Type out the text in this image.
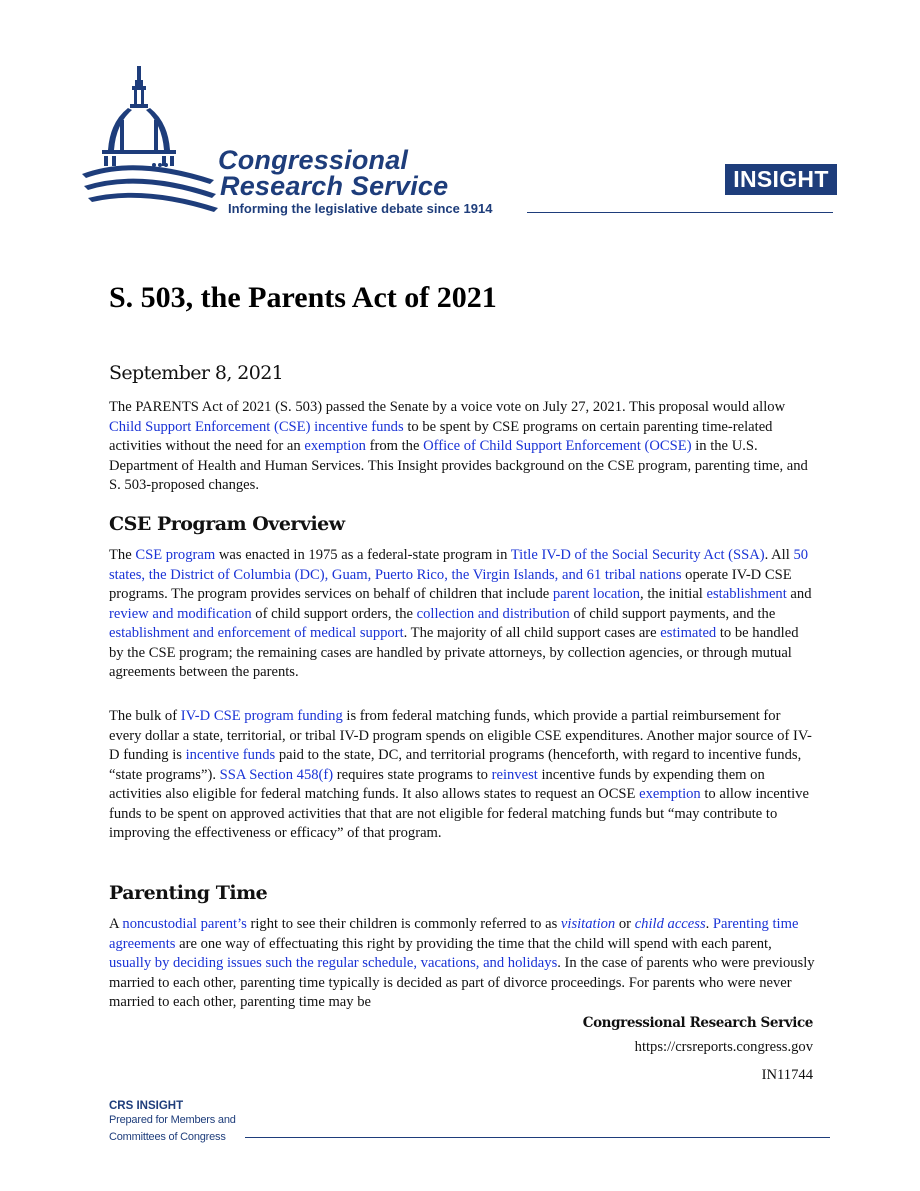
Congressional
Research Service
Informing the legislative debate since 1914
INSIGHT
S. 503, the Parents Act of 2021
September 8, 2021

The PARENTS Act of 2021 (S. 503) passed the Senate by a voice vote on July 27, 2021. This proposal would allow Child Support Enforcement (CSE) incentive funds to be spent by CSE programs on certain parenting time-related activities without the need for an exemption from the Office of Child Support Enforcement (OCSE) in the U.S. Department of Health and Human Services. This Insight provides background on the CSE program, parenting time, and S. 503-proposed changes.

CSE Program Overview

The CSE program was enacted in 1975 as a federal-state program in Title IV-D of the Social Security Act (SSA). All 50 states, the District of Columbia (DC), Guam, Puerto Rico, the Virgin Islands, and 61 tribal nations operate IV-D CSE programs. The program provides services on behalf of children that include parent location, the initial establishment and review and modification of child support orders, the collection and distribution of child support payments, and the establishment and enforcement of medical support. The majority of all child support cases are estimated to be handled by the CSE program; the remaining cases are handled by private attorneys, by collection agencies, or through mutual agreements between the parents.

The bulk of IV-D CSE program funding is from federal matching funds, which provide a partial reimbursement for every dollar a state, territorial, or tribal IV-D program spends on eligible CSE expenditures. Another major source of IV-D funding is incentive funds paid to the state, DC, and territorial programs (henceforth, with regard to incentive funds, “state programs”). SSA Section 458(f) requires state programs to reinvest incentive funds by expending them on activities also eligible for federal matching funds. It also allows states to request an OCSE exemption to allow incentive funds to be spent on approved activities that that are not eligible for federal matching funds but “may contribute to improving the effectiveness or efficacy” of that program.

Parenting Time

A noncustodial parent’s right to see their children is commonly referred to as visitation or child access. Parenting time agreements are one way of effectuating this right by providing the time that the child will spend with each parent, usually by deciding issues such the regular schedule, vacations, and holidays. In the case of parents who were previously married to each other, parenting time typically is decided as part of divorce proceedings. For parents who were never married to each other, parenting time may be

Congressional Research Service
https://crsreports.congress.gov
IN11744
CRS INSIGHT
Prepared for Members and
Committees of Congress
